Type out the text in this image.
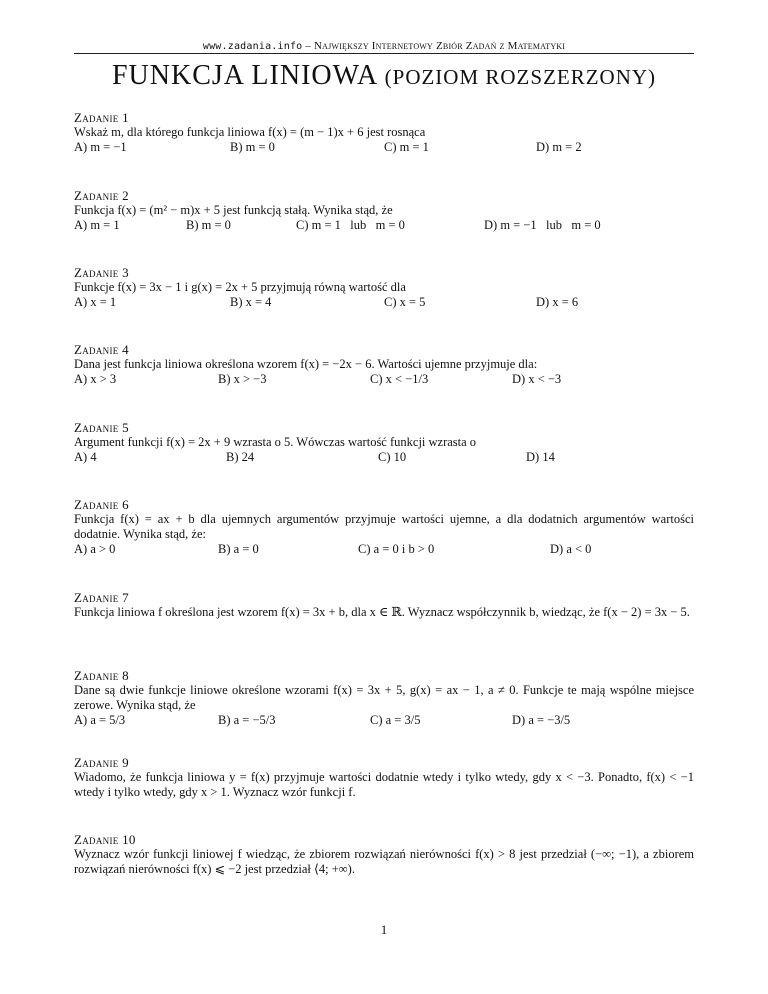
www.zadania.info – Największy Internetowy Zbiór Zadań z Matematyki
FUNKCJA LINIOWA (POZIOM ROZSZERZONY)
Zadanie 1
Wskaż m, dla którego funkcja liniowa f(x) = (m − 1)x + 6 jest rosnąca
A) m = −1	B) m = 0	C) m = 1	D) m = 2
Zadanie 2
Funkcja f(x) = (m² − m)x + 5 jest funkcją stałą. Wynika stąd, że
A) m = 1	B) m = 0	C) m = 1   lub   m = 0	D) m = −1   lub   m = 0
Zadanie 3
Funkcje f(x) = 3x − 1 i g(x) = 2x + 5 przyjmują równą wartość dla
A) x = 1	B) x = 4	C) x = 5	D) x = 6
Zadanie 4
Dana jest funkcja liniowa określona wzorem f(x) = −2x − 6. Wartości ujemne przyjmuje dla:
A) x > 3	B) x > −3	C) x < −1/3	D) x < −3
Zadanie 5
Argument funkcji f(x) = 2x + 9 wzrasta o 5. Wówczas wartość funkcji wzrasta o
A) 4	B) 24	C) 10	D) 14
Zadanie 6
Funkcja f(x) = ax + b dla ujemnych argumentów przyjmuje wartości ujemne, a dla dodatnich argumentów wartości dodatnie. Wynika stąd, że:
A) a > 0	B) a = 0	C) a = 0 i b > 0	D) a < 0
Zadanie 7
Funkcja liniowa f określona jest wzorem f(x) = 3x + b, dla x ∈ ℝ. Wyznacz współczynnik b, wiedząc, że f(x − 2) = 3x − 5.
Zadanie 8
Dane są dwie funkcje liniowe określone wzorami f(x) = 3x + 5, g(x) = ax − 1, a ≠ 0. Funkcje te mają wspólne miejsce zerowe. Wynika stąd, że
A) a = 5/3	B) a = −5/3	C) a = 3/5	D) a = −3/5
Zadanie 9
Wiadomo, że funkcja liniowa y = f(x) przyjmuje wartości dodatnie wtedy i tylko wtedy, gdy x < −3. Ponadto, f(x) < −1 wtedy i tylko wtedy, gdy x > 1. Wyznacz wzór funkcji f.
Zadanie 10
Wyznacz wzór funkcji liniowej f wiedząc, że zbiorem rozwiązań nierówności f(x) > 8 jest przedział (−∞; −1), a zbiorem rozwiązań nierówności f(x) ⩽ −2 jest przedział ⟨4; +∞).
1
